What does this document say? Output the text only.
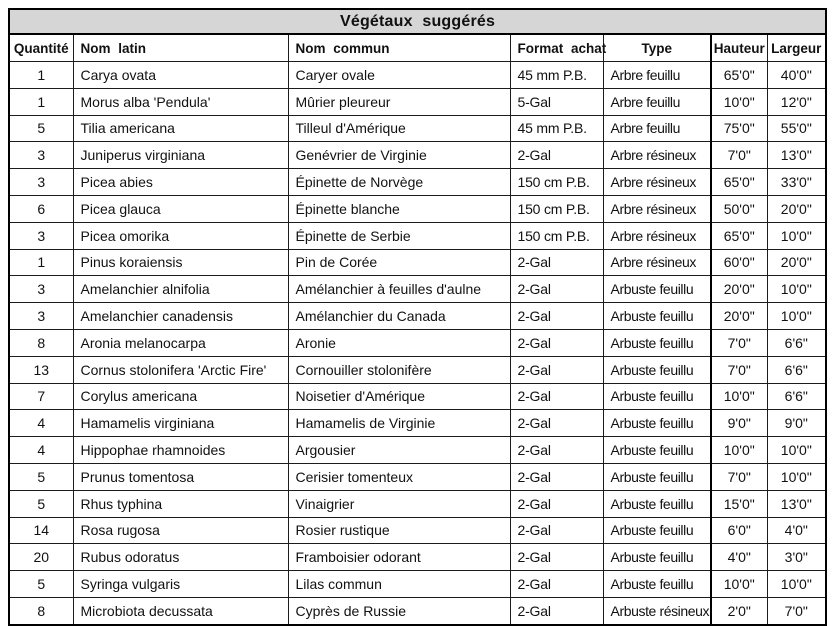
Végétaux suggérés						
Quantité	Nom latin	Nom commun	Format achat	Type	Hauteur	Largeur
1	Carya ovata	Caryer ovale	45 mm P.B.	Arbre feuillu	65'0"	40'0"
1	Morus alba 'Pendula'	Mûrier pleureur	5-Gal	Arbre feuillu	10'0"	12'0"
5	Tilia americana	Tilleul d'Amérique	45 mm P.B.	Arbre feuillu	75'0"	55'0"
3	Juniperus virginiana	Genévrier de Virginie	2-Gal	Arbre résineux	7'0"	13'0"
3	Picea abies	Épinette de Norvège	150 cm P.B.	Arbre résineux	65'0"	33'0"
6	Picea glauca	Épinette blanche	150 cm P.B.	Arbre résineux	50'0"	20'0"
3	Picea omorika	Épinette de Serbie	150 cm P.B.	Arbre résineux	65'0"	10'0"
1	Pinus koraiensis	Pin de Corée	2-Gal	Arbre résineux	60'0"	20'0"
3	Amelanchier alnifolia	Amélanchier à feuilles d'aulne	2-Gal	Arbuste feuillu	20'0"	10'0"
3	Amelanchier canadensis	Amélanchier du Canada	2-Gal	Arbuste feuillu	20'0"	10'0"
8	Aronia melanocarpa	Aronie	2-Gal	Arbuste feuillu	7'0"	6'6"
13	Cornus stolonifera 'Arctic Fire'	Cornouiller stolonifère	2-Gal	Arbuste feuillu	7'0"	6'6"
7	Corylus americana	Noisetier d'Amérique	2-Gal	Arbuste feuillu	10'0"	6'6"
4	Hamamelis virginiana	Hamamelis de Virginie	2-Gal	Arbuste feuillu	9'0"	9'0"
4	Hippophae rhamnoides	Argousier	2-Gal	Arbuste feuillu	10'0"	10'0"
5	Prunus tomentosa	Cerisier tomenteux	2-Gal	Arbuste feuillu	7'0"	10'0"
5	Rhus typhina	Vinaigrier	2-Gal	Arbuste feuillu	15'0"	13'0"
14	Rosa rugosa	Rosier rustique	2-Gal	Arbuste feuillu	6'0"	4'0"
20	Rubus odoratus	Framboisier odorant	2-Gal	Arbuste feuillu	4'0"	3'0"
5	Syringa vulgaris	Lilas commun	2-Gal	Arbuste feuillu	10'0"	10'0"
8	Microbiota decussata	Cyprès de Russie	2-Gal	Arbuste résineux	2'0"	7'0"
